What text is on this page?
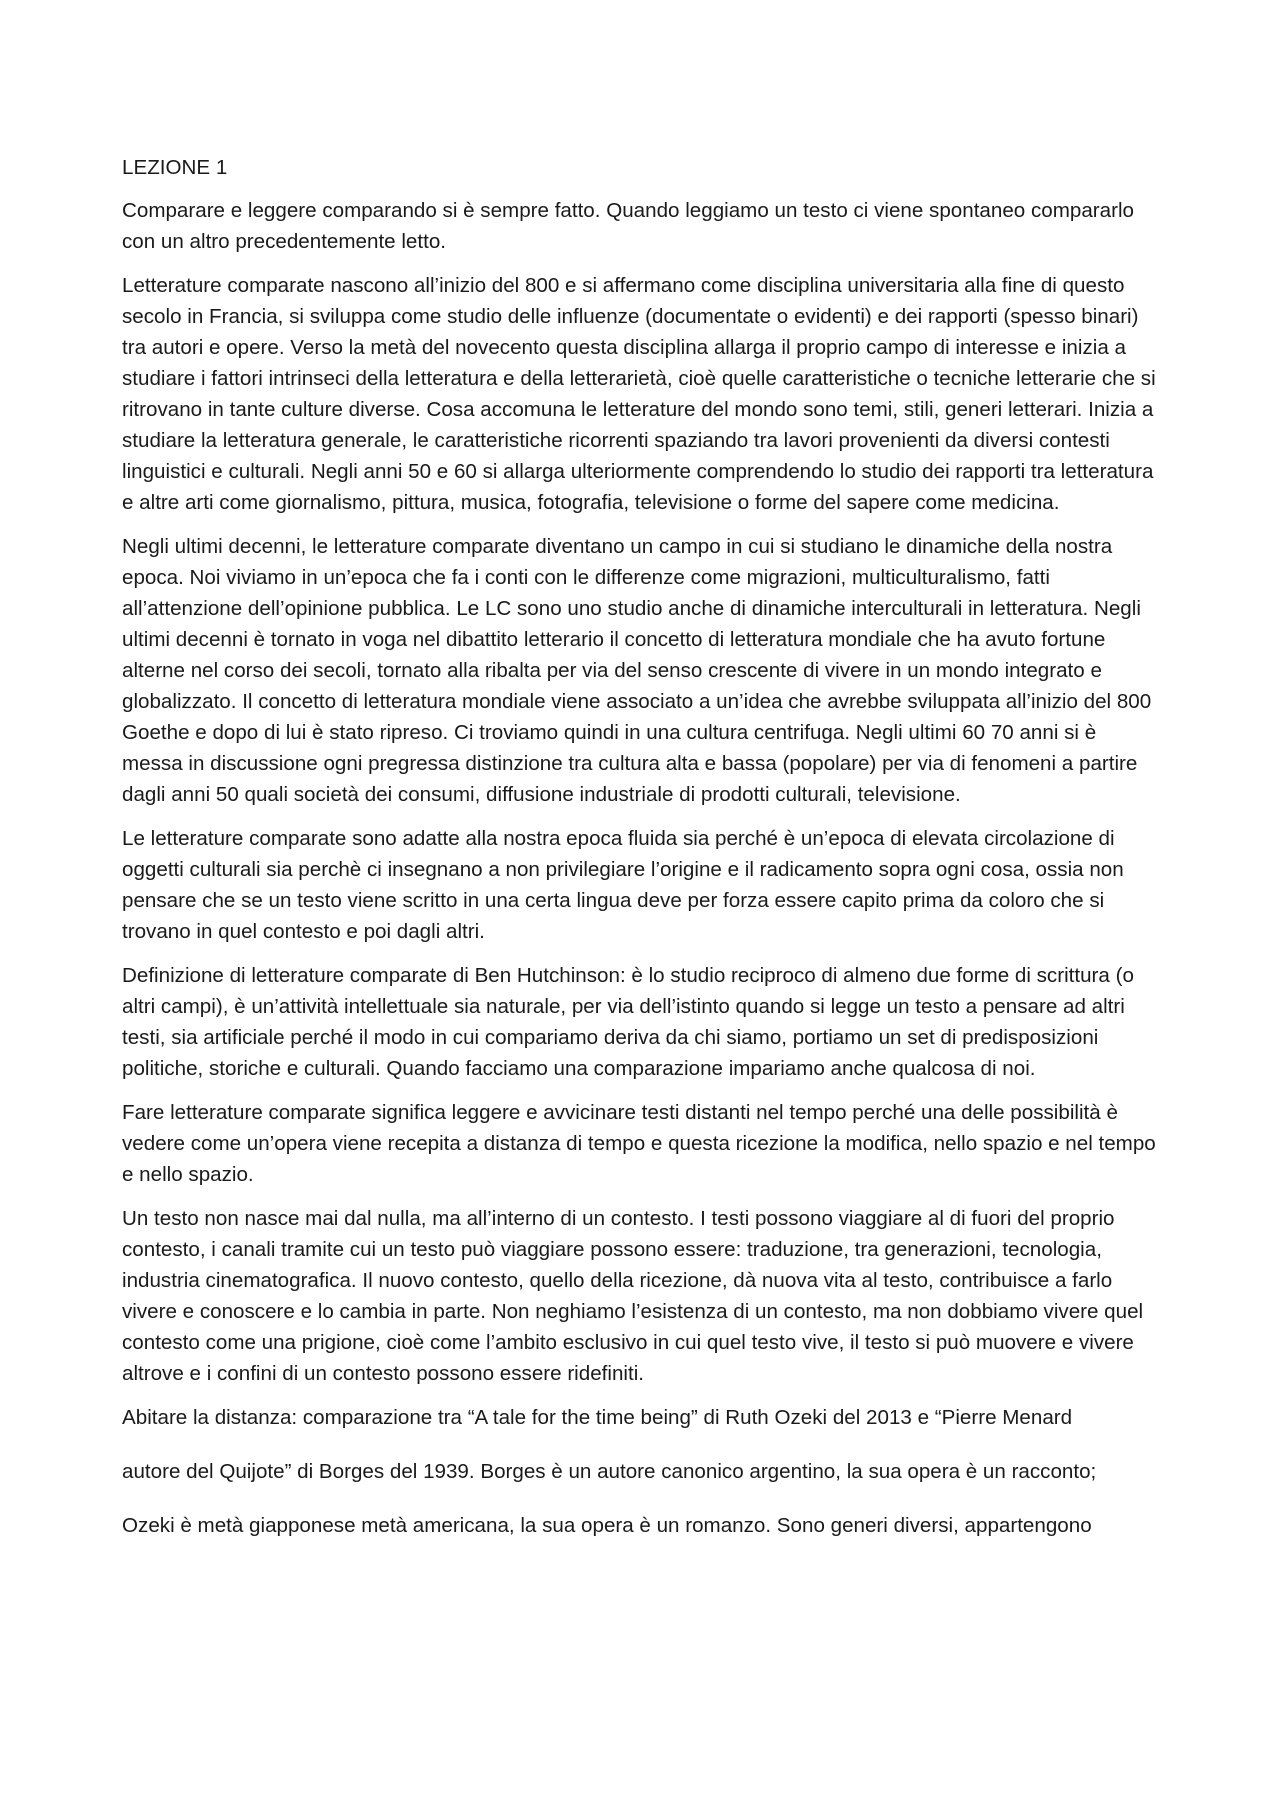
LEZIONE 1

Comparare e leggere comparando si è sempre fatto. Quando leggiamo un testo ci viene spontaneo compararlo con un altro precedentemente letto.

Letterature comparate nascono all’inizio del 800 e si affermano come disciplina universitaria alla fine di questo secolo in Francia, si sviluppa come studio delle influenze (documentate o evidenti) e dei rapporti (spesso binari) tra autori e opere. Verso la metà del novecento questa disciplina allarga il proprio campo di interesse e inizia a studiare i fattori intrinseci della letteratura e della letterarietà, cioè quelle caratteristiche o tecniche letterarie che si ritrovano in tante culture diverse. Cosa accomuna le letterature del mondo sono temi, stili, generi letterari. Inizia a studiare la letteratura generale, le caratteristiche ricorrenti spaziando tra lavori provenienti da diversi contesti linguistici e culturali. Negli anni 50 e 60 si allarga ulteriormente comprendendo lo studio dei rapporti tra letteratura e altre arti come giornalismo, pittura, musica, fotografia, televisione o forme del sapere come medicina.

Negli ultimi decenni, le letterature comparate diventano un campo in cui si studiano le dinamiche della nostra epoca. Noi viviamo in un’epoca che fa i conti con le differenze come migrazioni, multiculturalismo, fatti all’attenzione dell’opinione pubblica. Le LC sono uno studio anche di dinamiche interculturali in letteratura. Negli ultimi decenni è tornato in voga nel dibattito letterario il concetto di letteratura mondiale che ha avuto fortune alterne nel corso dei secoli, tornato alla ribalta per via del senso crescente di vivere in un mondo integrato e globalizzato. Il concetto di letteratura mondiale viene associato a un’idea che avrebbe sviluppata all’inizio del 800 Goethe e dopo di lui è stato ripreso. Ci troviamo quindi in una cultura centrifuga. Negli ultimi 60 70 anni si è messa in discussione ogni pregressa distinzione tra cultura alta e bassa (popolare) per via di fenomeni a partire dagli anni 50 quali società dei consumi, diffusione industriale di prodotti culturali, televisione.

Le letterature comparate sono adatte alla nostra epoca fluida sia perché è un’epoca di elevata circolazione di oggetti culturali sia perchè ci insegnano a non privilegiare l’origine e il radicamento sopra ogni cosa, ossia non pensare che se un testo viene scritto in una certa lingua deve per forza essere capito prima da coloro che si trovano in quel contesto e poi dagli altri.

Definizione di letterature comparate di Ben Hutchinson: è lo studio reciproco di almeno due forme di scrittura (o altri campi), è un’attività intellettuale sia naturale, per via dell’istinto quando si legge un testo a pensare ad altri testi, sia artificiale perché il modo in cui compariamo deriva da chi siamo, portiamo un set di predisposizioni politiche, storiche e culturali. Quando facciamo una comparazione impariamo anche qualcosa di noi.

Fare letterature comparate significa leggere e avvicinare testi distanti nel tempo perché una delle possibilità è vedere come un’opera viene recepita a distanza di tempo e questa ricezione la modifica, nello spazio e nel tempo e nello spazio.

Un testo non nasce mai dal nulla, ma all’interno di un contesto. I testi possono viaggiare al di fuori del proprio contesto, i canali tramite cui un testo può viaggiare possono essere: traduzione, tra generazioni, tecnologia, industria cinematografica. Il nuovo contesto, quello della ricezione, dà nuova vita al testo, contribuisce a farlo vivere e conoscere e lo cambia in parte. Non neghiamo l’esistenza di un contesto, ma non dobbiamo vivere quel contesto come una prigione, cioè come l’ambito esclusivo in cui quel testo vive, il testo si può muovere e vivere altrove e i confini di un contesto possono essere ridefiniti.

Abitare la distanza: comparazione tra “A tale for the time being” di Ruth Ozeki del 2013 e “Pierre Menard

autore del Quijote” di Borges del 1939. Borges è un autore canonico argentino, la sua opera è un racconto;

Ozeki è metà giapponese metà americana, la sua opera è un romanzo. Sono generi diversi, appartengono
